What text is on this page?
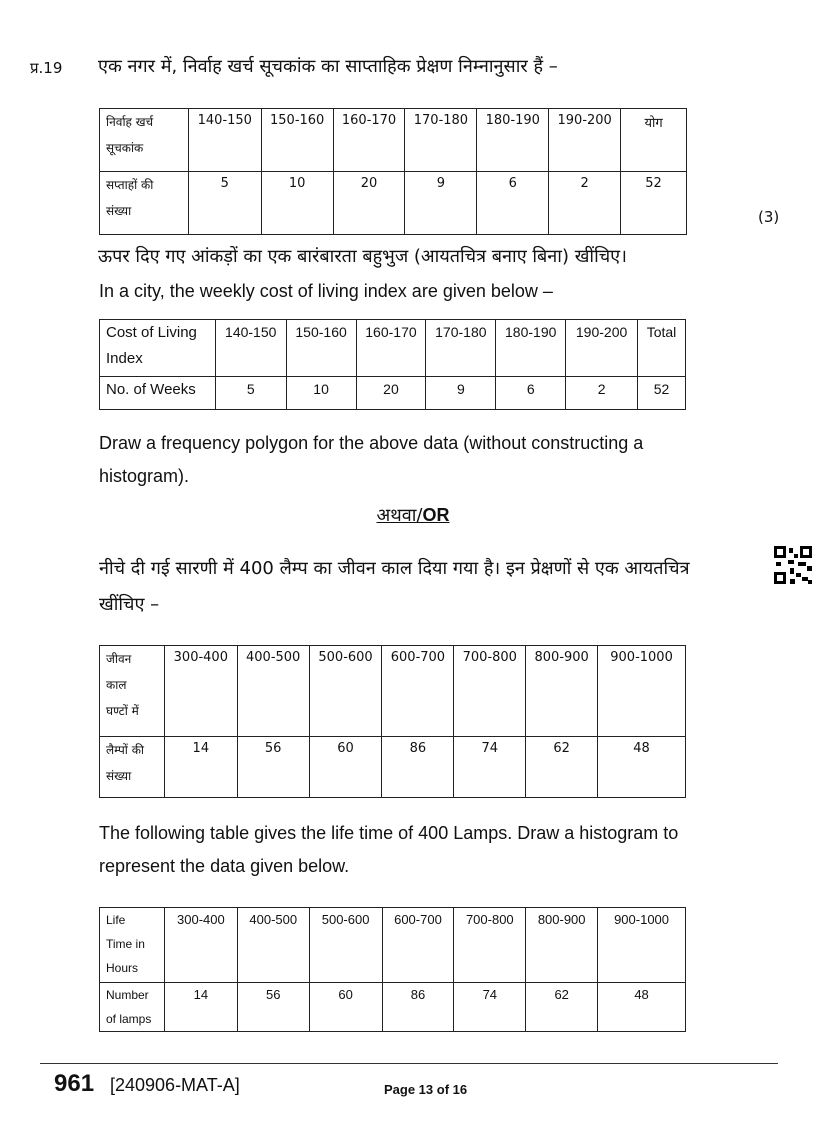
प्र.19 एक नगर में, निर्वाह खर्च सूचकांक का साप्ताहिक प्रेक्षण निम्नानुसार हैं –
निर्वाह खर्च
सूचकांक	140-150	150-160	160-170	170-180	180-190	190-200	योग

सप्ताहों की
संख्या	5	10	20	9	6	2	52
(3)
ऊपर दिए गए आंकड़ों का एक बारंबारता बहुभुज (आयतचित्र बनाए बिना) खींचिए।
In a city, the weekly cost of living index are given below –
Cost of Living
Index	140-150	150-160	160-170	170-180	180-190	190-200	Total
No. of Weeks	5	10	20	9	6	2	52
Draw a frequency polygon for the above data (without constructing a histogram).
अथवा/OR
नीचे दी गई सारणी में 400 लैम्प का जीवन काल दिया गया है। इन प्रेक्षणों से एक आयतचित्र खींचिए –
जीवन
काल
घण्टों में	300-400	400-500	500-600	600-700	700-800	800-900	900-1000

लैम्पों की
संख्या	14	56	60	86	74	62	48
The following table gives the life time of 400 Lamps. Draw a histogram to represent the data given below.
Life
Time in
Hours	300-400	400-500	500-600	600-700	700-800	800-900	900-1000

Number
of lamps	14	56	60	86	74	62	48
961 [240906-MAT-A]	Page 13 of 16
